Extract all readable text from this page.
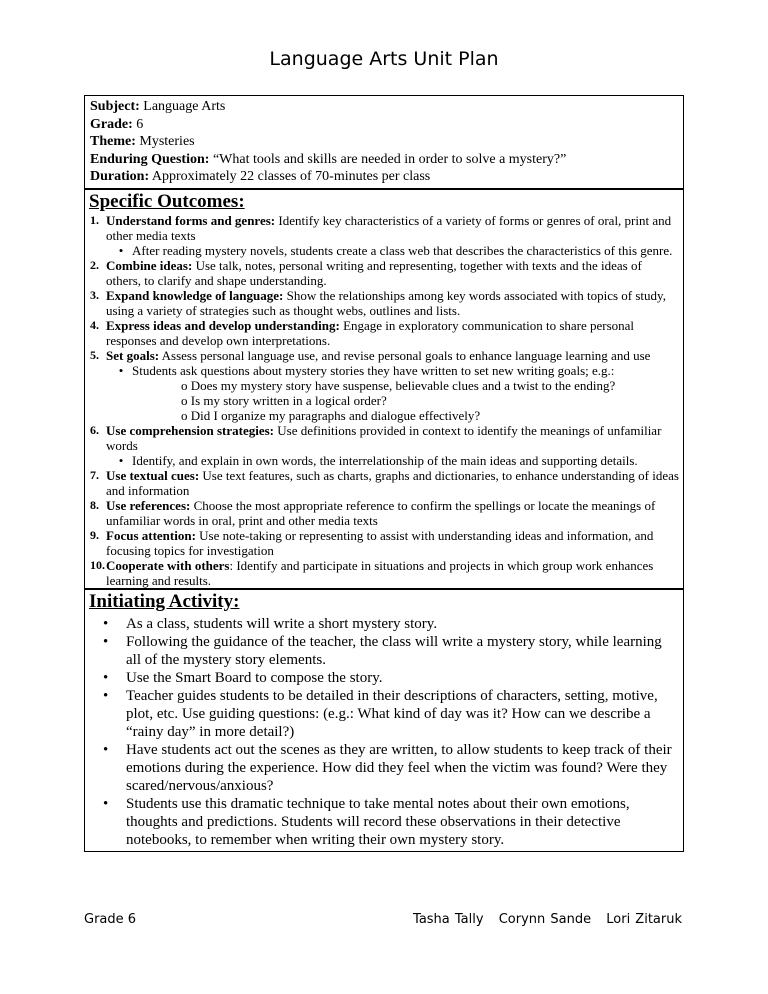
Language Arts Unit Plan
Subject: Language Arts
Grade: 6
Theme: Mysteries
Enduring Question: “What tools and skills are needed in order to solve a mystery?”
Duration: Approximately 22 classes of 70-minutes per class
Specific Outcomes:
1. Understand forms and genres: Identify key characteristics of a variety of forms or genres of oral, print and other media texts
• After reading mystery novels, students create a class web that describes the characteristics of this genre.
2. Combine ideas: Use talk, notes, personal writing and representing, together with texts and the ideas of others, to clarify and shape understanding.
3. Expand knowledge of language: Show the relationships among key words associated with topics of study, using a variety of strategies such as thought webs, outlines and lists.
4. Express ideas and develop understanding: Engage in exploratory communication to share personal responses and develop own interpretations.
5. Set goals: Assess personal language use, and revise personal goals to enhance language learning and use
• Students ask questions about mystery stories they have written to set new writing goals; e.g.:
o Does my mystery story have suspense, believable clues and a twist to the ending?
o Is my story written in a logical order?
o Did I organize my paragraphs and dialogue effectively?
6. Use comprehension strategies: Use definitions provided in context to identify the meanings of unfamiliar words
• Identify, and explain in own words, the interrelationship of the main ideas and supporting details.
7. Use textual cues: Use text features, such as charts, graphs and dictionaries, to enhance understanding of ideas and information
8. Use references: Choose the most appropriate reference to confirm the spellings or locate the meanings of unfamiliar words in oral, print and other media texts
9. Focus attention: Use note-taking or representing to assist with understanding ideas and information, and focusing topics for investigation
10. Cooperate with others: Identify and participate in situations and projects in which group work enhances learning and results.
Initiating Activity:
•	As a class, students will write a short mystery story.
•	Following the guidance of the teacher, the class will write a mystery story, while learning all of the mystery story elements.
•	Use the Smart Board to compose the story.
•	Teacher guides students to be detailed in their descriptions of characters, setting, motive, plot, etc. Use guiding questions: (e.g.: What kind of day was it? How can we describe a “rainy day” in more detail?)
•	Have students act out the scenes as they are written, to allow students to keep track of their emotions during the experience. How did they feel when the victim was found? Were they scared/nervous/anxious?
•	Students use this dramatic technique to take mental notes about their own emotions, thoughts and predictions. Students will record these observations in their detective notebooks, to remember when writing their own mystery story.
Grade 6	Tasha Tally Corynn Sande Lori Zitaruk
